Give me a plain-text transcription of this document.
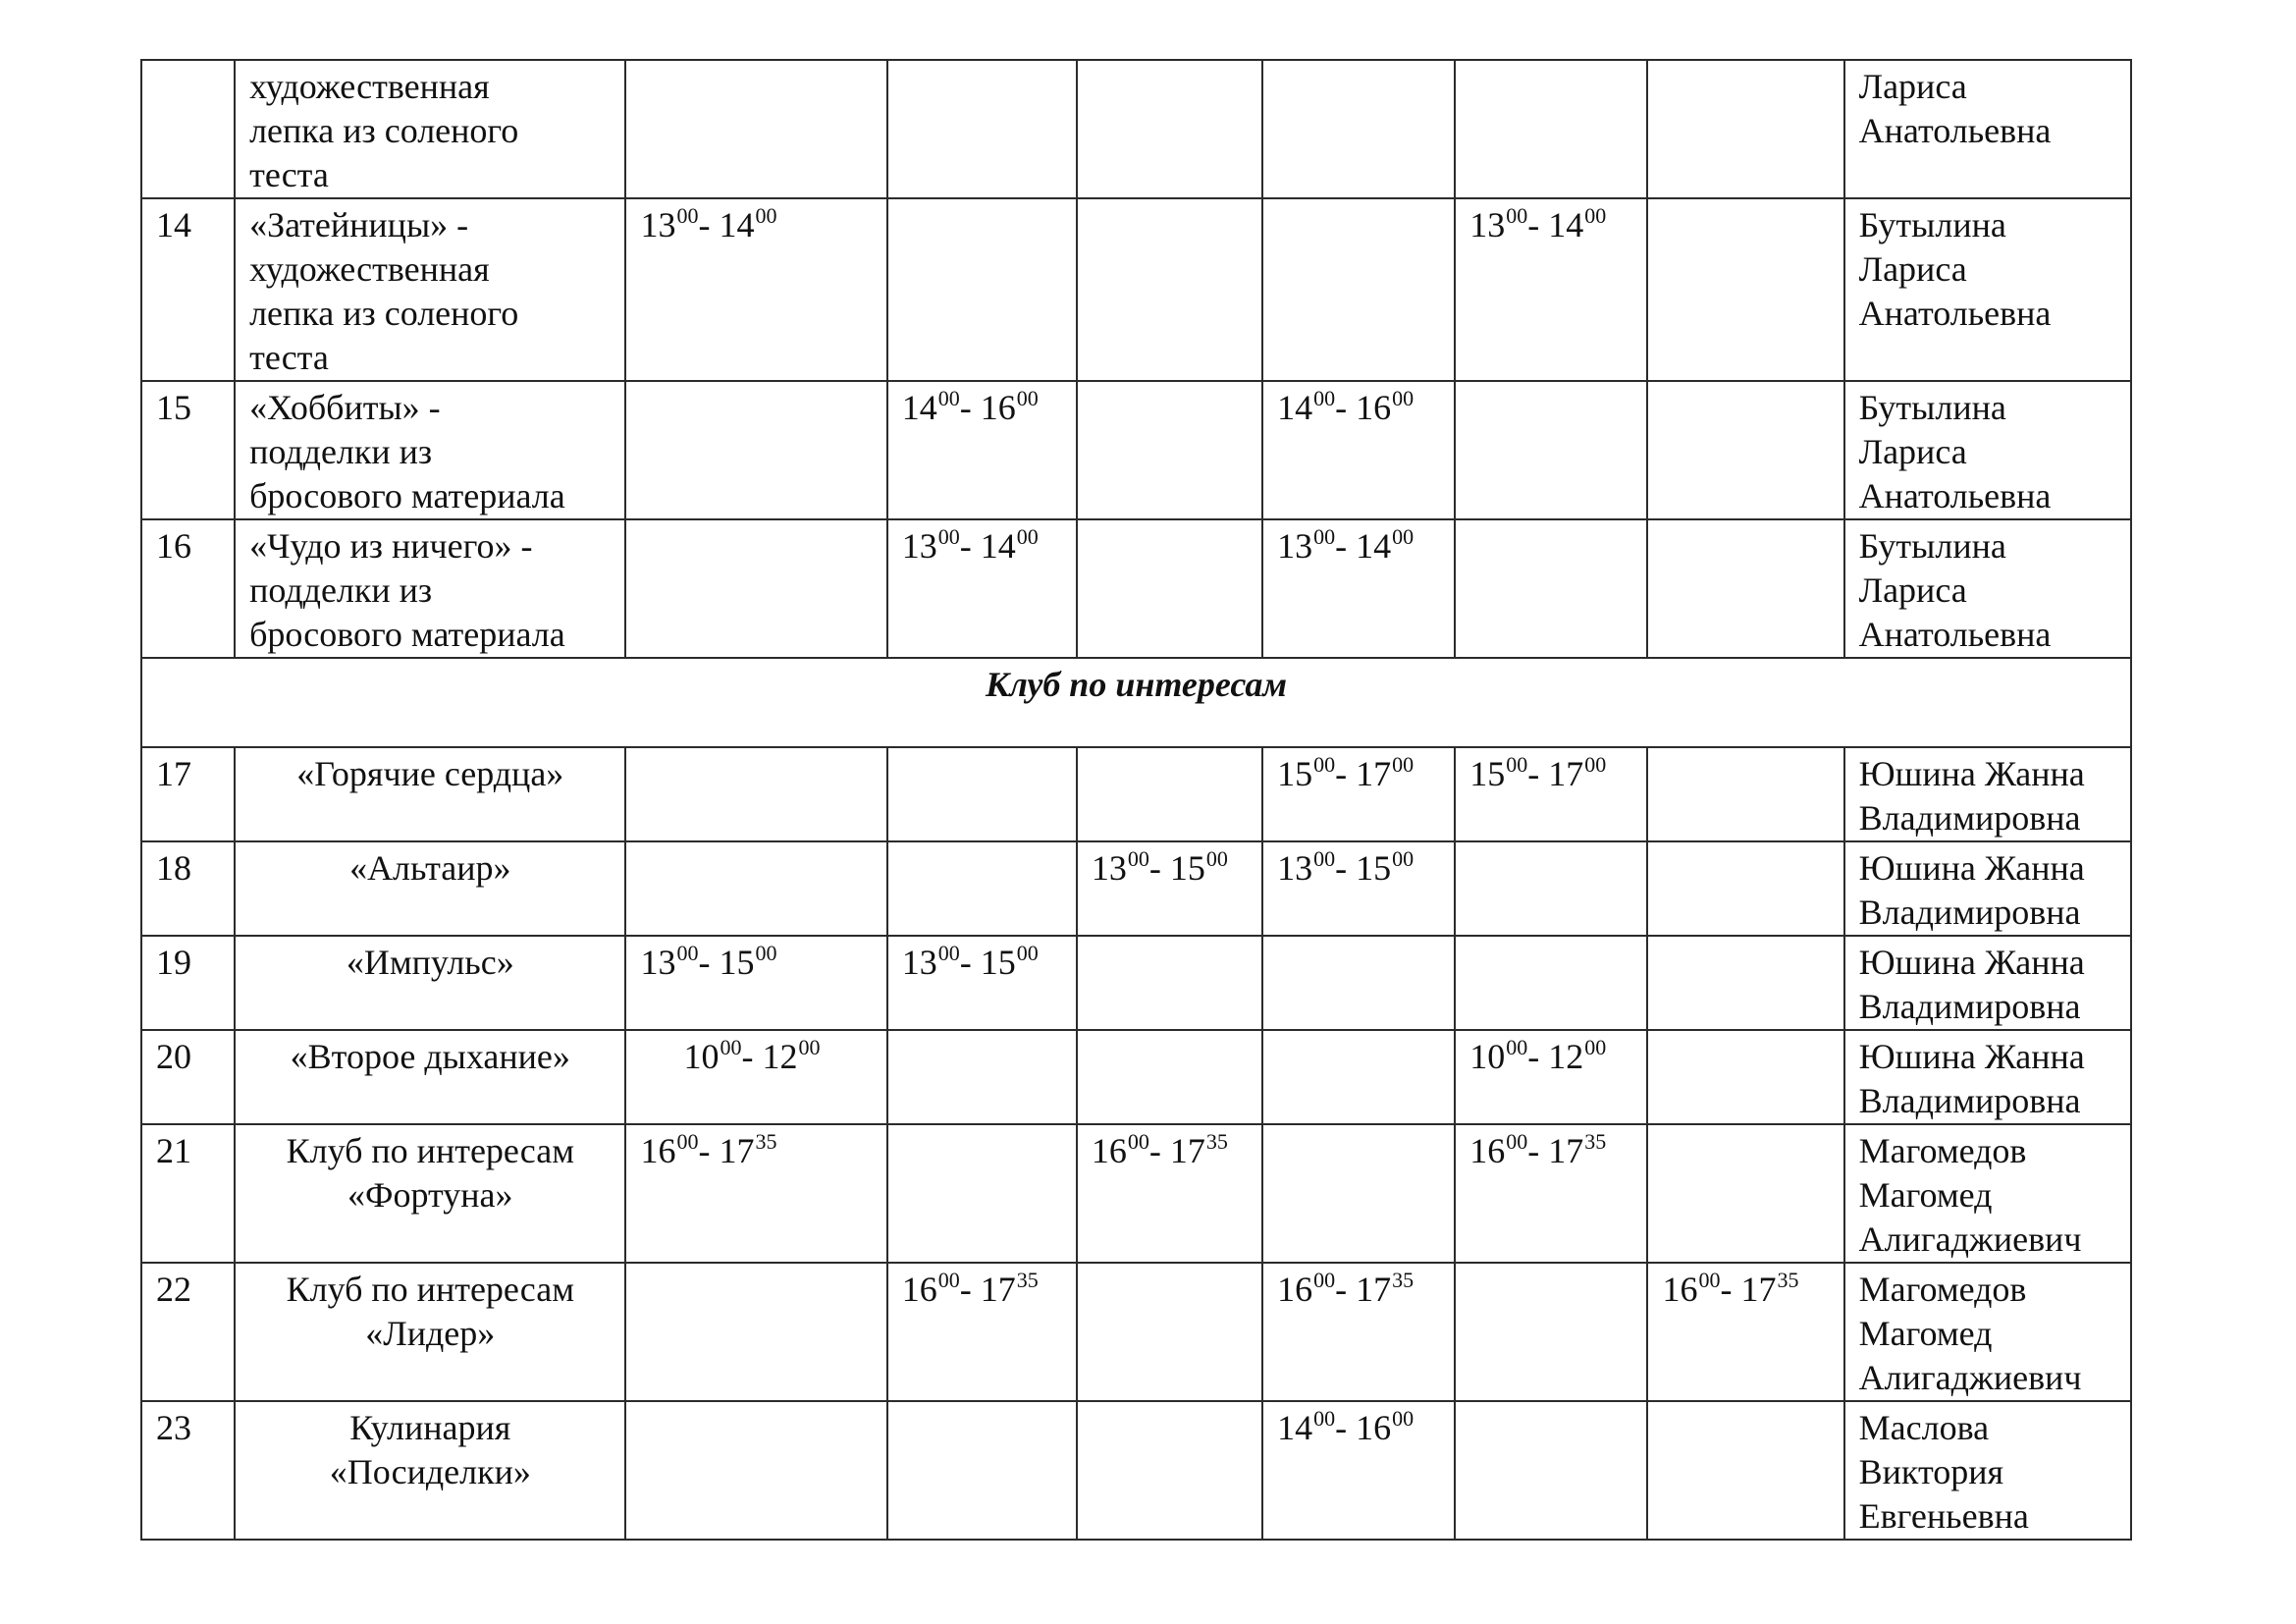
	художественная
лепка из соленого
теста							Лариса
Анатольевна

14	«Затейницы» -
художественная
лепка из соленого
теста	$13^{00}-$ $14^{00}$				$13^{00}-$ $14^{00}$		Бутылина
Лариса
Анатольевна

15	«Хоббиты» -
подделки из
бросового материала		$14^{00}-$ $16^{00}$		$14^{00}-$ $16^{00}$			Бутылина
Лариса
Анатольевна

16	«Чудо из ничего» -
подделки из
бросового материала		$13^{00}-$ $14^{00}$		$13^{00}-$ $14^{00}$			Бутылина
Лариса
Анатольевна

Клуб по интересам								
17	«Горячие сердца»				$15^{00}-$ $17^{00}$	$15^{00}-$ $17^{00}$		Юшина Жанна
Владимировна

18	«Альтаир»			$13^{00}-$ $15^{00}$	$13^{00}-$ $15^{00}$			Юшина Жанна
Владимировна

19	«Импульс»	$13^{00}-$ $15^{00}$	$13^{00}-$ $15^{00}$					Юшина Жанна
Владимировна

20	«Второе дыхание»	$10^{00}-$ $12^{00}$				$10^{00}-$ $12^{00}$		Юшина Жанна
Владимировна

21	Клуб по интересам
«Фортуна»	$16^{00}-$ $17^{35}$		$16^{00}-$ $17^{35}$		$16^{00}-$ $17^{35}$		Магомедов
Магомед
Алигаджиевич

22	Клуб по интересам
«Лидер»		$16^{00}-$ $17^{35}$		$16^{00}-$ $17^{35}$		$16^{00}-$ $17^{35}$	Магомедов
Магомед
Алигаджиевич

23	Кулинария
«Посиделки»				$14^{00}-$ $16^{00}$			Маслова
Виктория
Евгеньевна
